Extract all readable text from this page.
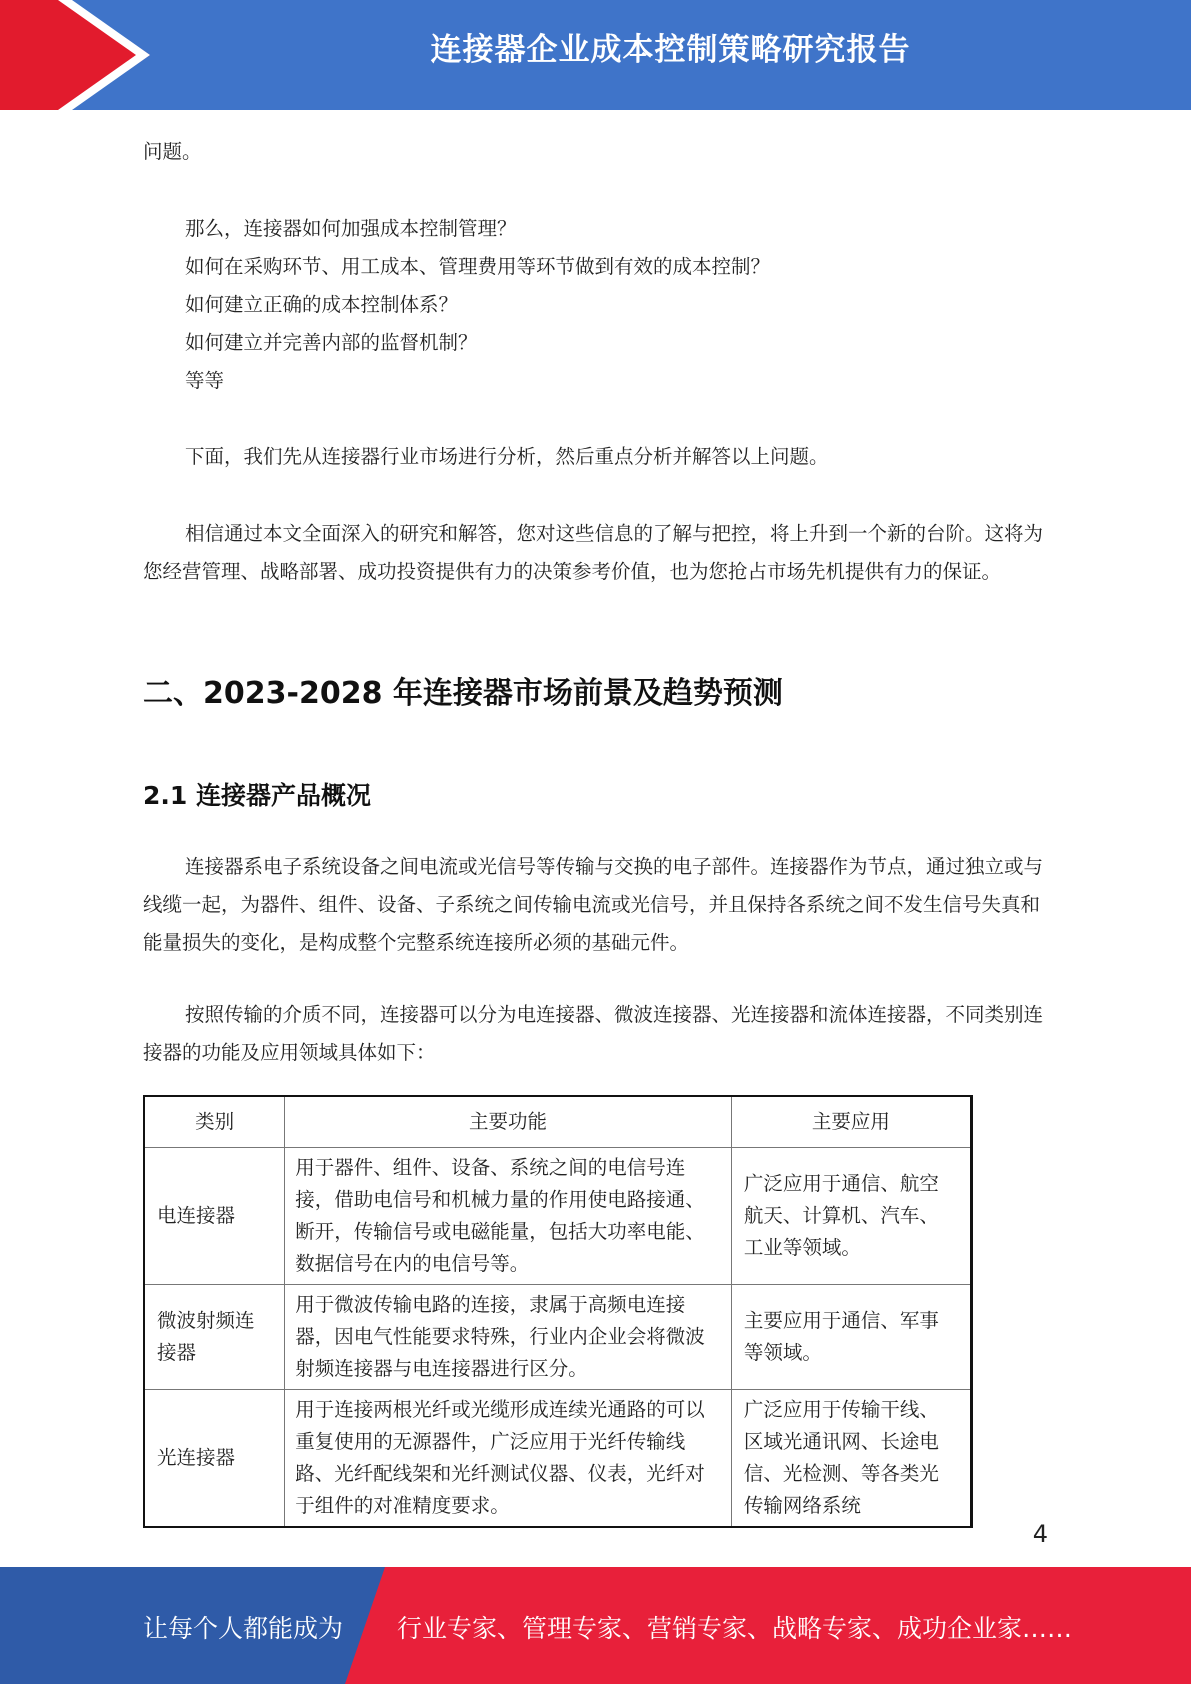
连接器企业成本控制策略研究报告

问题。

那么，连接器如何加强成本控制管理？

如何在采购环节、用工成本、管理费用等环节做到有效的成本控制？

如何建立正确的成本控制体系？

如何建立并完善内部的监督机制？

等等

下面，我们先从连接器行业市场进行分析，然后重点分析并解答以上问题。

相信通过本文全面深入的研究和解答，您对这些信息的了解与把控，将上升到一个新的台阶。这将为您经营管理、战略部署、成功投资提供有力的决策参考价值，也为您抢占市场先机提供有力的保证。

二、2023-2028 年连接器市场前景及趋势预测
2.1 连接器产品概况

连接器系电子系统设备之间电流或光信号等传输与交换的电子部件。连接器作为节点，通过独立或与线缆一起，为器件、组件、设备、子系统之间传输电流或光信号，并且保持各系统之间不发生信号失真和能量损失的变化，是构成整个完整系统连接所必须的基础元件。

按照传输的介质不同，连接器可以分为电连接器、微波连接器、光连接器和流体连接器，不同类别连接器的功能及应用领域具体如下：

类别	主要功能	主要应用
电连接器	用于器件、组件、设备、系统之间的电信号连接，借助电信号和机械力量的作用使电路接通、断开，传输信号或电磁能量，包括大功率电能、数据信号在内的电信号等。	广泛应用于通信、航空 航天、计算机、汽车、 工业等领域。
微波射频连接器	用于微波传输电路的连接，隶属于高频电连接器，因电气性能要求特殊，行业内企业会将微波射频连接器与电连接器进行区分。	主要应用于通信、军事 等领域。
光连接器	用于连接两根光纤或光缆形成连续光通路的可以重复使用的无源器件，广泛应用于光纤传输线路、光纤配线架和光纤测试仪器、仪表，光纤对于组件的对准精度要求。	广泛应用于传输干线、区域光通讯网、长途电 信、光检测、等各类光 传输网络系统
4
让每个人都能成为 行业专家、管理专家、营销专家、战略专家、成功企业家……
